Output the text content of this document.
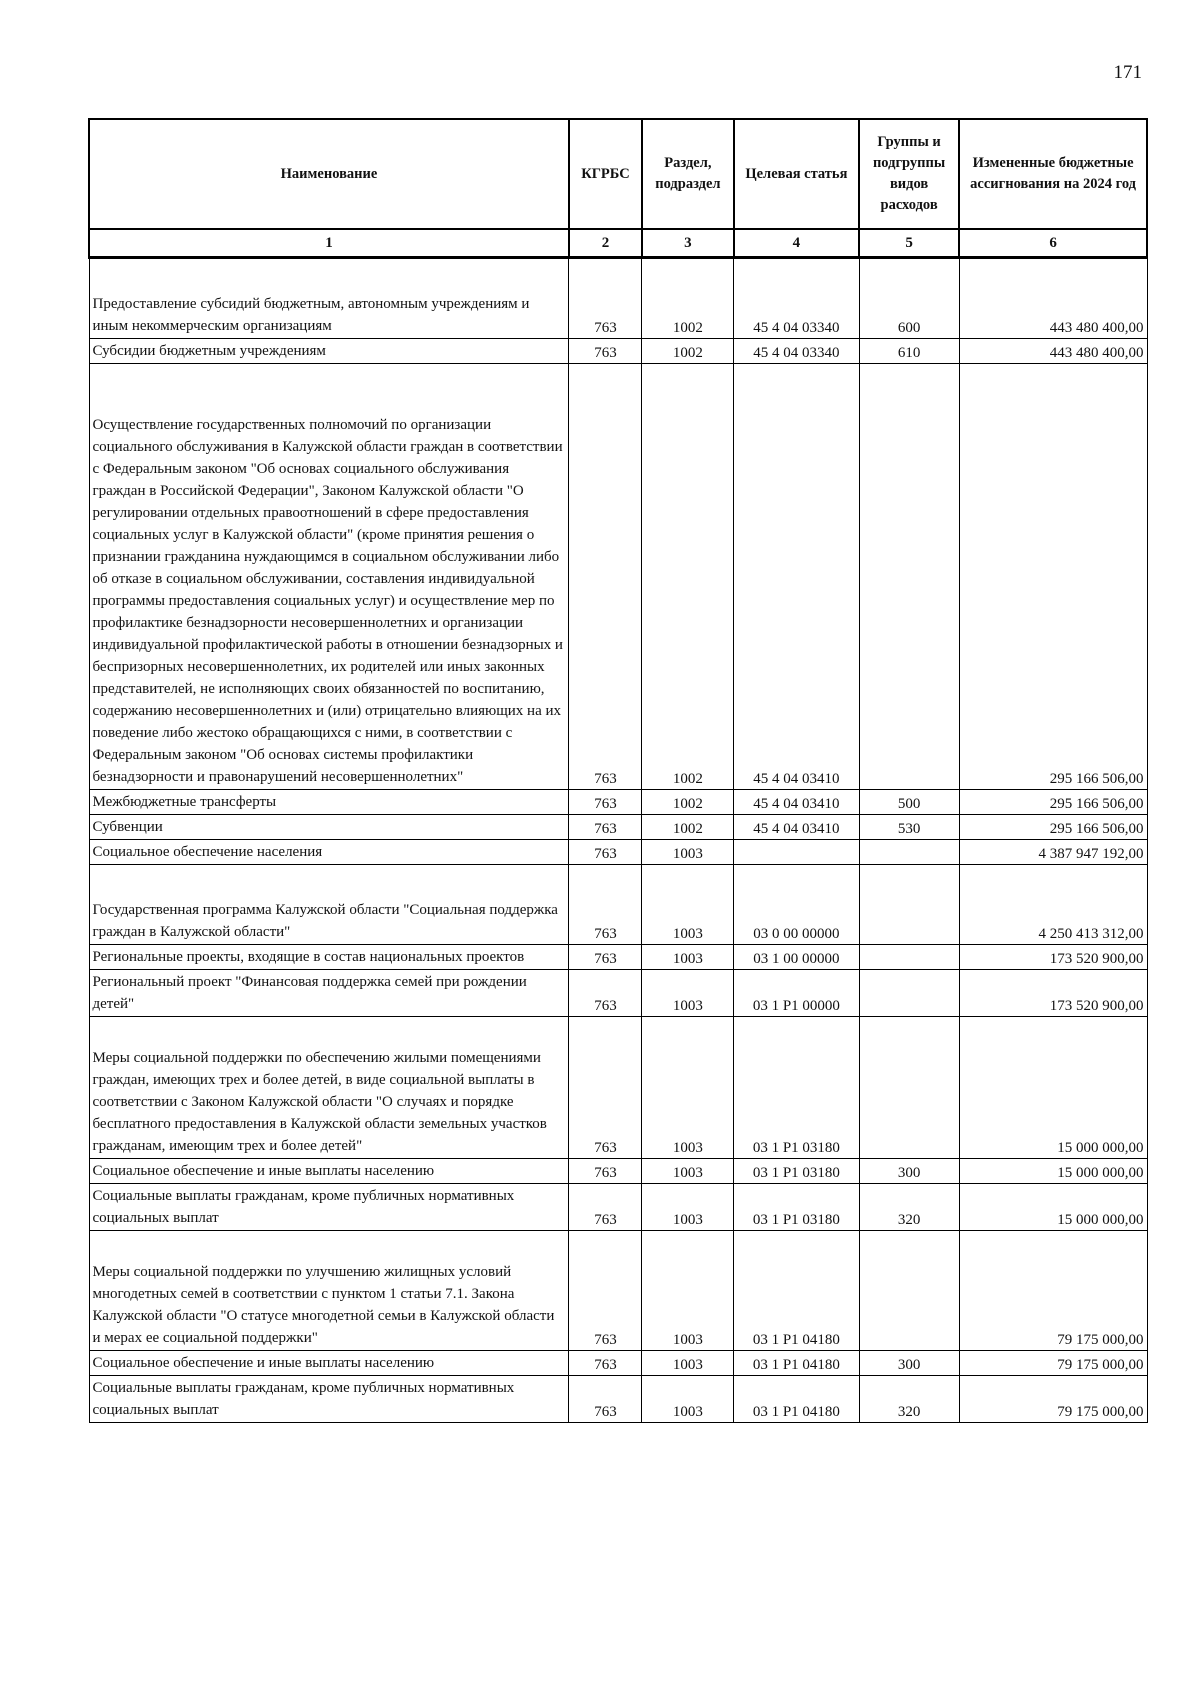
171
Наименование	КГРБС	Раздел, подраздел	Целевая статья	Группы и подгруппы видов расходов	Измененные бюджетные ассигнования на 2024 год
1	2	3	4	5	6
Предоставление субсидий бюджетным, автономным учреждениям и иным некоммерческим организациям	763	1002	45 4 04 03340	600	443 480 400,00
Субсидии бюджетным учреждениям	763	1002	45 4 04 03340	610	443 480 400,00
Осуществление государственных полномочий по организации социального обслуживания в Калужской области граждан в соответствии с Федеральным законом "Об основах социального обслуживания граждан в Российской Федерации", Законом Калужской области "О регулировании отдельных правоотношений в сфере предоставления социальных услуг в Калужской области" (кроме принятия решения о признании гражданина нуждающимся в социальном обслуживании либо об отказе в социальном обслуживании, составления индивидуальной программы предоставления социальных услуг) и осуществление мер по профилактике безнадзорности несовершеннолетних и организации индивидуальной профилактической работы в отношении безнадзорных и беспризорных несовершеннолетних, их родителей или иных законных представителей, не исполняющих своих обязанностей по воспитанию, содержанию несовершеннолетних и (или) отрицательно влияющих на их поведение либо жестоко обращающихся с ними, в соответствии с Федеральным законом "Об основах системы профилактики безнадзорности и правонарушений несовершеннолетних"	763	1002	45 4 04 03410		295 166 506,00
Межбюджетные трансферты	763	1002	45 4 04 03410	500	295 166 506,00
Субвенции	763	1002	45 4 04 03410	530	295 166 506,00
Социальное обеспечение населения	763	1003			4 387 947 192,00
Государственная программа Калужской области "Социальная поддержка граждан в Калужской области"	763	1003	03 0 00 00000		4 250 413 312,00
Региональные проекты, входящие в состав национальных проектов	763	1003	03 1 00 00000		173 520 900,00
Региональный проект "Финансовая поддержка семей при рождении детей"	763	1003	03 1 P1 00000		173 520 900,00
Меры социальной поддержки по обеспечению жилыми помещениями граждан, имеющих трех и более детей, в виде социальной выплаты в соответствии с Законом Калужской области "О случаях и порядке бесплатного предоставления в Калужской области земельных участков гражданам, имеющим трех и более детей"	763	1003	03 1 P1 03180		15 000 000,00
Социальное обеспечение и иные выплаты населению	763	1003	03 1 P1 03180	300	15 000 000,00
Социальные выплаты гражданам, кроме публичных нормативных социальных выплат	763	1003	03 1 P1 03180	320	15 000 000,00
Меры социальной поддержки по улучшению жилищных условий многодетных семей в соответствии с пунктом 1 статьи 7.1. Закона Калужской области "О статусе многодетной семьи в Калужской области и мерах ее социальной поддержки"	763	1003	03 1 P1 04180		79 175 000,00
Социальное обеспечение и иные выплаты населению	763	1003	03 1 P1 04180	300	79 175 000,00
Социальные выплаты гражданам, кроме публичных нормативных социальных выплат	763	1003	03 1 P1 04180	320	79 175 000,00
